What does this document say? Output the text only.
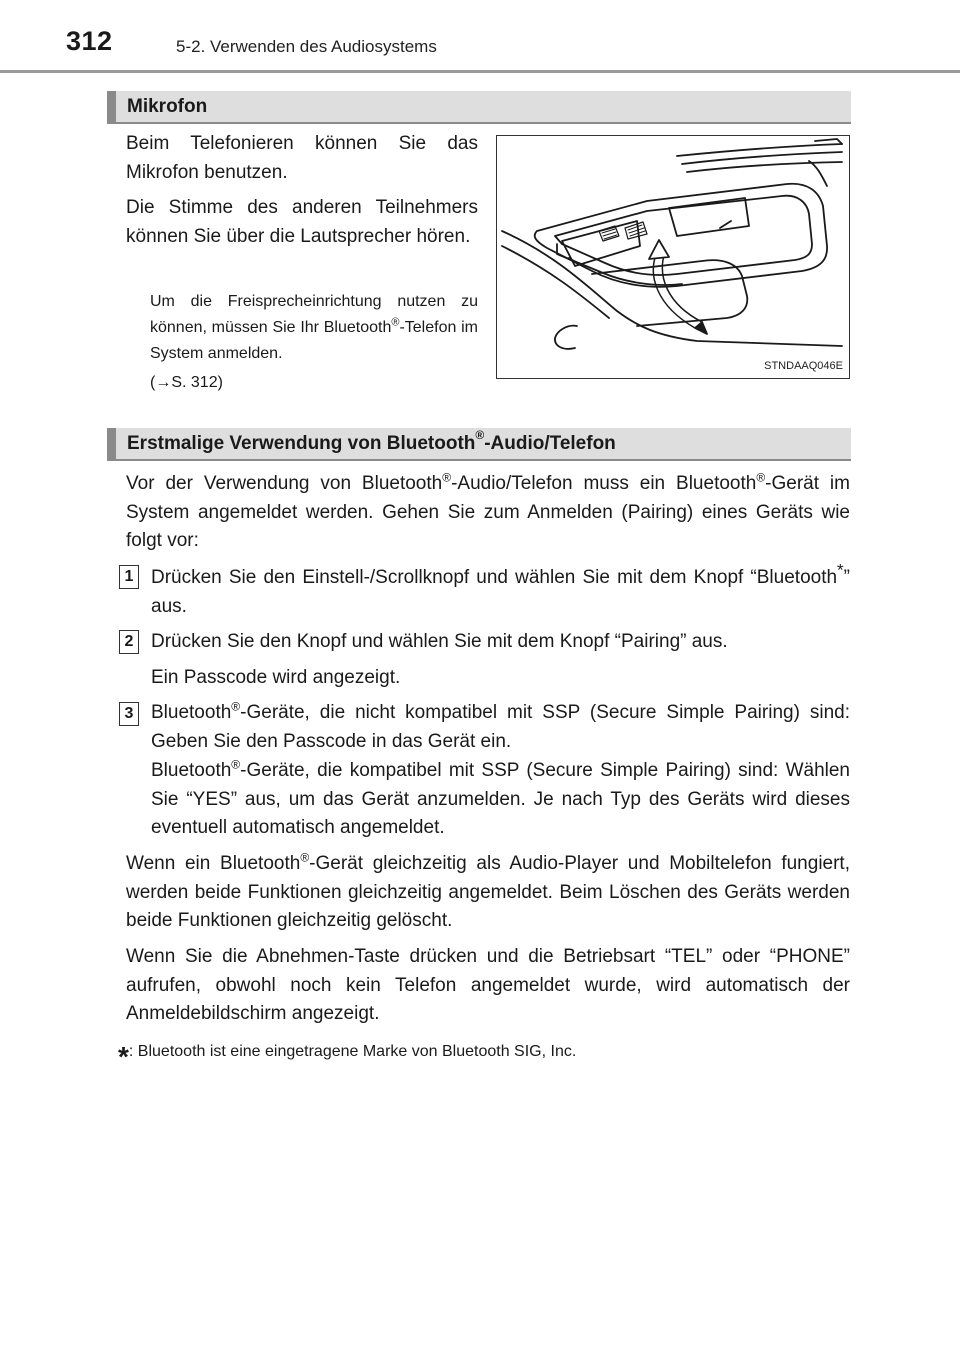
312	5-2. Verwenden des Audiosystems
Mikrofon
Beim Telefonieren können Sie das Mikrofon benutzen.
Die Stimme des anderen Teilnehmers können Sie über die Lautsprecher hören.
Um die Freisprecheinrichtung nutzen zu können, müssen Sie Ihr Bluetooth®-Telefon im System anmelden.
(→S. 312)
STNDAAQ046E
Erstmalige Verwendung von Bluetooth®-Audio/Telefon
Vor der Verwendung von Bluetooth®-Audio/Telefon muss ein Bluetooth®-Gerät im System angemeldet werden. Gehen Sie zum Anmelden (Pairing) eines Geräts wie folgt vor:
1 Drücken Sie den Einstell-/Scrollknopf und wählen Sie mit dem Knopf “Bluetooth*” aus.
2 Drücken Sie den Knopf und wählen Sie mit dem Knopf “Pairing” aus.
Ein Passcode wird angezeigt.
3 Bluetooth®-Geräte, die nicht kompatibel mit SSP (Secure Simple Pairing) sind: Geben Sie den Passcode in das Gerät ein.
Bluetooth®-Geräte, die kompatibel mit SSP (Secure Simple Pairing) sind: Wählen Sie “YES” aus, um das Gerät anzumelden. Je nach Typ des Geräts wird dieses eventuell automatisch angemeldet.
Wenn ein Bluetooth®-Gerät gleichzeitig als Audio-Player und Mobiltelefon fungiert, werden beide Funktionen gleichzeitig angemeldet. Beim Löschen des Geräts werden beide Funktionen gleichzeitig gelöscht.
Wenn Sie die Abnehmen-Taste drücken und die Betriebsart “TEL” oder “PHONE” aufrufen, obwohl noch kein Telefon angemeldet wurde, wird automatisch der Anmeldebildschirm angezeigt.
*: Bluetooth ist eine eingetragene Marke von Bluetooth SIG, Inc.
